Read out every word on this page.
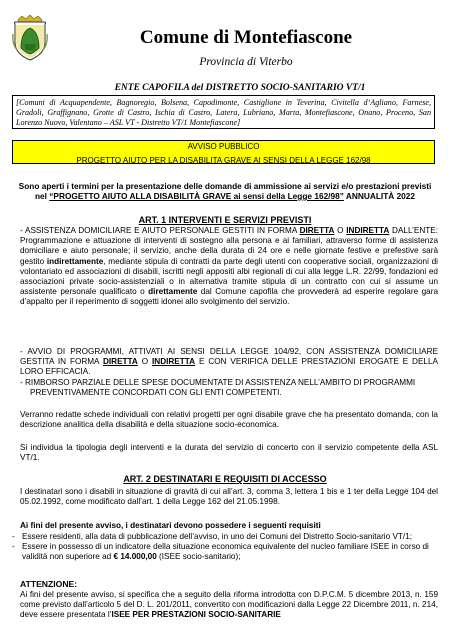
Comune di Montefiascone
Provincia di Viterbo
ENTE CAPOFILA del DISTRETTO SOCIO-SANITARIO VT/1
[Comuni di Acquapendente, Bagnoregio, Bolsena, Capodimonte, Castiglione in Teverina, Civitella d’Agliano, Farnese, Gradoli, Graffignano, Grotte di Castro, Ischia di Castro, Latera, Lubriano, Marta, Montefiascone, Onano, Proceno, San Lorenzo Nuovo, Valentano – ASL VT - Distretto VT/1 Montefiascone]
AVVISO PUBBLICO
PROGETTO AIUTO PER LA DISABILITA GRAVE AI SENSI DELLA LEGGE 162/98
Sono aperti i termini per la presentazione delle domande di ammissione ai servizi e/o prestazioni previsti nel “PROGETTO AIUTO ALLA DISABILITÀ GRAVE ai sensi della Legge 162/98” ANNUALITÀ 2022
ART. 1 INTERVENTI E SERVIZI PREVISTI
- ASSISTENZA DOMICILIARE E AIUTO PERSONALE GESTITI IN FORMA DIRETTA O INDIRETTA DALL’ENTE: Programmazione e attuazione di interventi di sostegno alla persona e ai familiari, attraverso forme di assistenza domiciliare e aiuto personale; il servizio, anche della durata di 24 ore e nelle giornate festive e prefestive sarà gestito indirettamente, mediante stipula di contratti da parte degli utenti con cooperative sociali, organizzazioni di volontariato ed associazioni di disabili, iscritti negli appositi albi regionali di cui alla legge L.R. 22/99, fondazioni ed associazioni private socio-assistenziali o in alternativa tramite stipula di un contratto con cui si assume un assistente personale qualificato o direttamente dal Comune capofila che provvederà ad esperire regolare gara d’appalto per il reperimento di soggetti idonei allo svolgimento del servizio.
- AVVIO DI PROGRAMMI, ATTIVATI AI SENSI DELLA LEGGE 104/92, CON ASSISTENZA DOMICILIARE GESTITA IN FORMA DIRETTA O INDIRETTA E CON VERIFICA DELLE PRESTAZIONI EROGATE E DELLA LORO EFFICACIA.
- RIMBORSO PARZIALE DELLE SPESE DOCUMENTATE DI ASSISTENZA NELL’AMBITO DI PROGRAMMI
PREVENTIVAMENTE CONCORDATI CON GLI ENTI COMPETENTI.
Verranno redatte schede individuali con relativi progetti per ogni disabile grave che ha presentato domanda, con la descrizione analitica della disabilità e della situazione socio-economica.
Si individua la tipologia degli interventi e la durata del servizio di concerto con il servizio competente della ASL VT/1.
ART. 2 DESTINATARI E REQUISITI DI ACCESSO
I destinatari sono i disabili in situazione di gravità di cui all’art. 3, comma 3, lettera 1 bis e 1 ter della Legge 104 del 05.02.1992, come modificato dall’art. 1 della Legge 162 del 21.05.1998.
Ai fini del presente avviso, i destinatari devono possedere i seguenti requisiti
- Essere residenti, alla data di pubblicazione dell’avviso, in uno dei Comuni del Distretto Socio-sanitario VT/1;
- Essere in possesso di un indicatore della situazione economica equivalente del nucleo familiare ISEE in corso di validità non superiore ad € 14.000,00 (ISEE socio-sanitario);
ATTENZIONE:
Ai fini del presente avviso, si specifica che a seguito della riforma introdotta con D.P.C.M. 5 dicembre 2013, n. 159 come previsto dall’articolo 5 del D. L. 201/2011, convertito con modificazioni dalla Legge 22 Dicembre 2011, n. 214, deve essere presentata l’ISEE PER PRESTAZIONI SOCIO-SANITARIE
